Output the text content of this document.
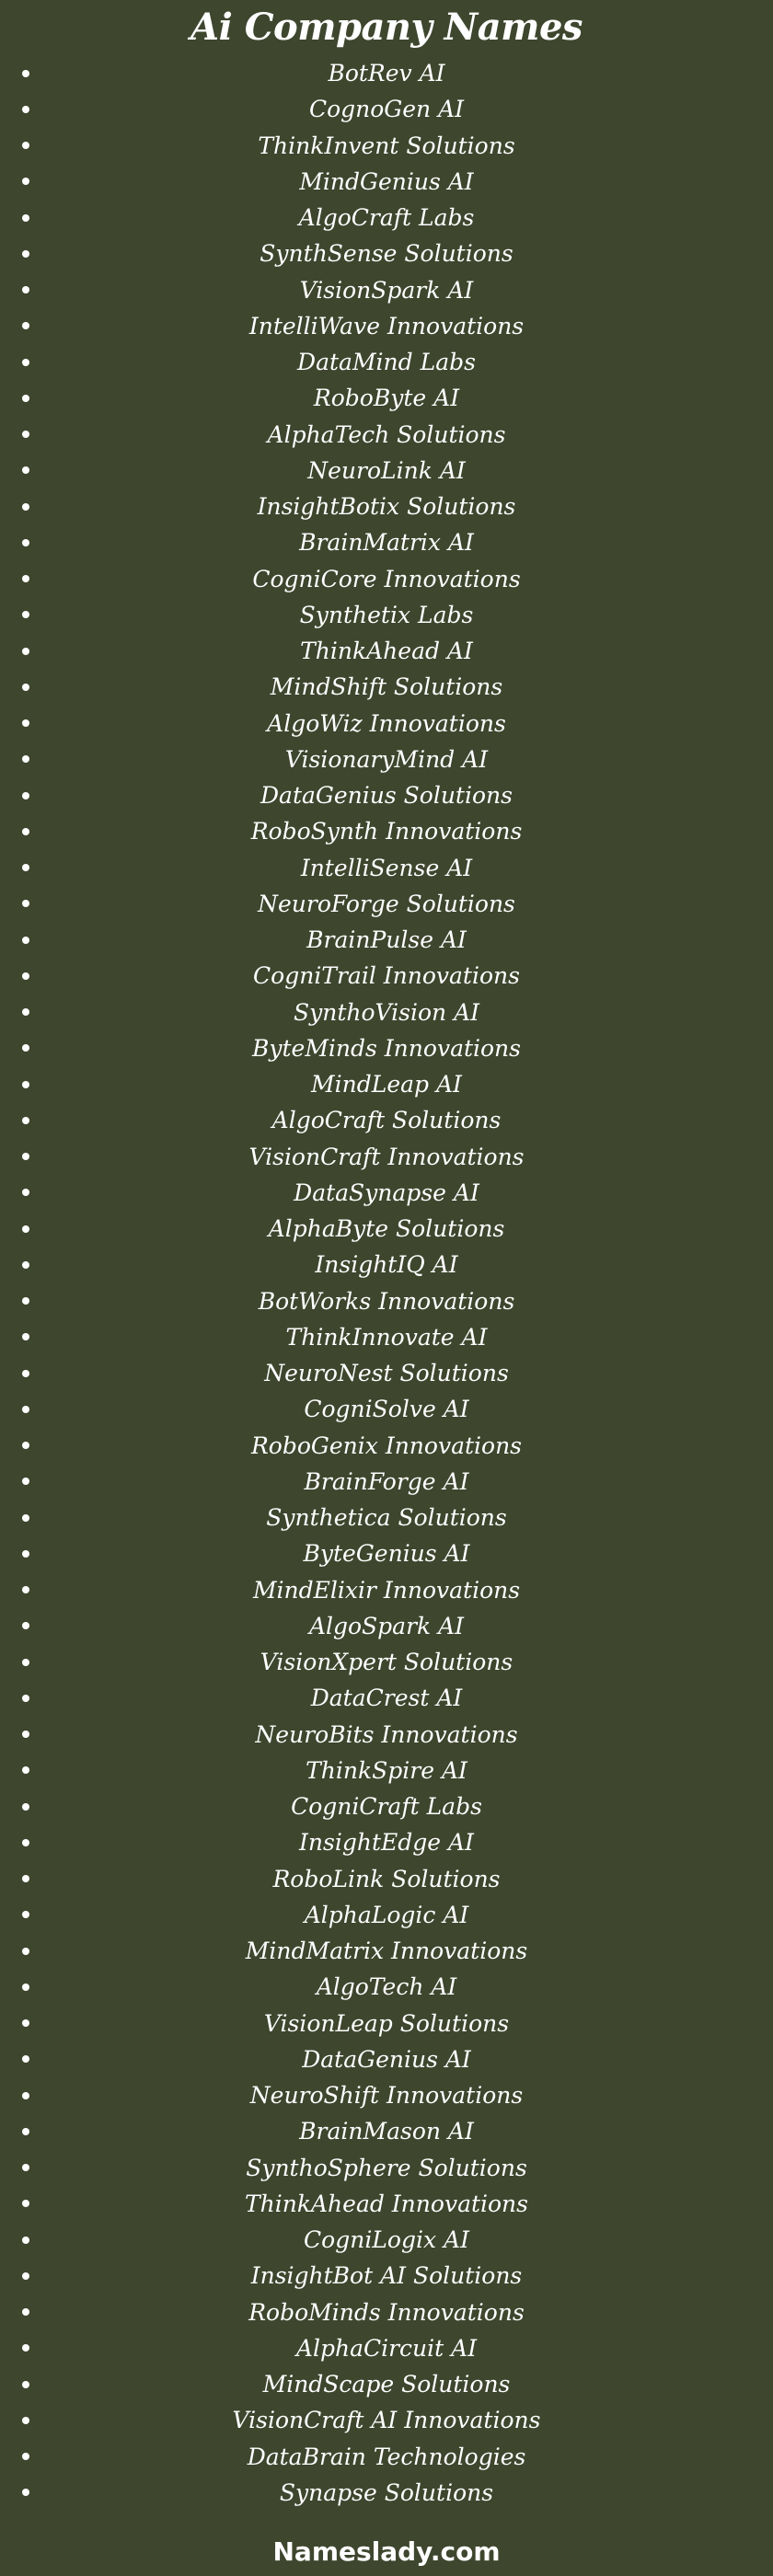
Ai Company Names
BotRev AI
CognoGen AI
ThinkInvent Solutions
MindGenius AI
AlgoCraft Labs
SynthSense Solutions
VisionSpark AI
IntelliWave Innovations
DataMind Labs
RoboByte AI
AlphaTech Solutions
NeuroLink AI
InsightBotix Solutions
BrainMatrix AI
CogniCore Innovations
Synthetix Labs
ThinkAhead AI
MindShift Solutions
AlgoWiz Innovations
VisionaryMind AI
DataGenius Solutions
RoboSynth Innovations
IntelliSense AI
NeuroForge Solutions
BrainPulse AI
CogniTrail Innovations
SynthoVision AI
ByteMinds Innovations
MindLeap AI
AlgoCraft Solutions
VisionCraft Innovations
DataSynapse AI
AlphaByte Solutions
InsightIQ AI
BotWorks Innovations
ThinkInnovate AI
NeuroNest Solutions
CogniSolve AI
RoboGenix Innovations
BrainForge AI
Synthetica Solutions
ByteGenius AI
MindElixir Innovations
AlgoSpark AI
VisionXpert Solutions
DataCrest AI
NeuroBits Innovations
ThinkSpire AI
CogniCraft Labs
InsightEdge AI
RoboLink Solutions
AlphaLogic AI
MindMatrix Innovations
AlgoTech AI
VisionLeap Solutions
DataGenius AI
NeuroShift Innovations
BrainMason AI
SynthoSphere Solutions
ThinkAhead Innovations
CogniLogix AI
InsightBot AI Solutions
RoboMinds Innovations
AlphaCircuit AI
MindScape Solutions
VisionCraft AI Innovations
DataBrain Technologies
Synapse Solutions
Nameslady.com
